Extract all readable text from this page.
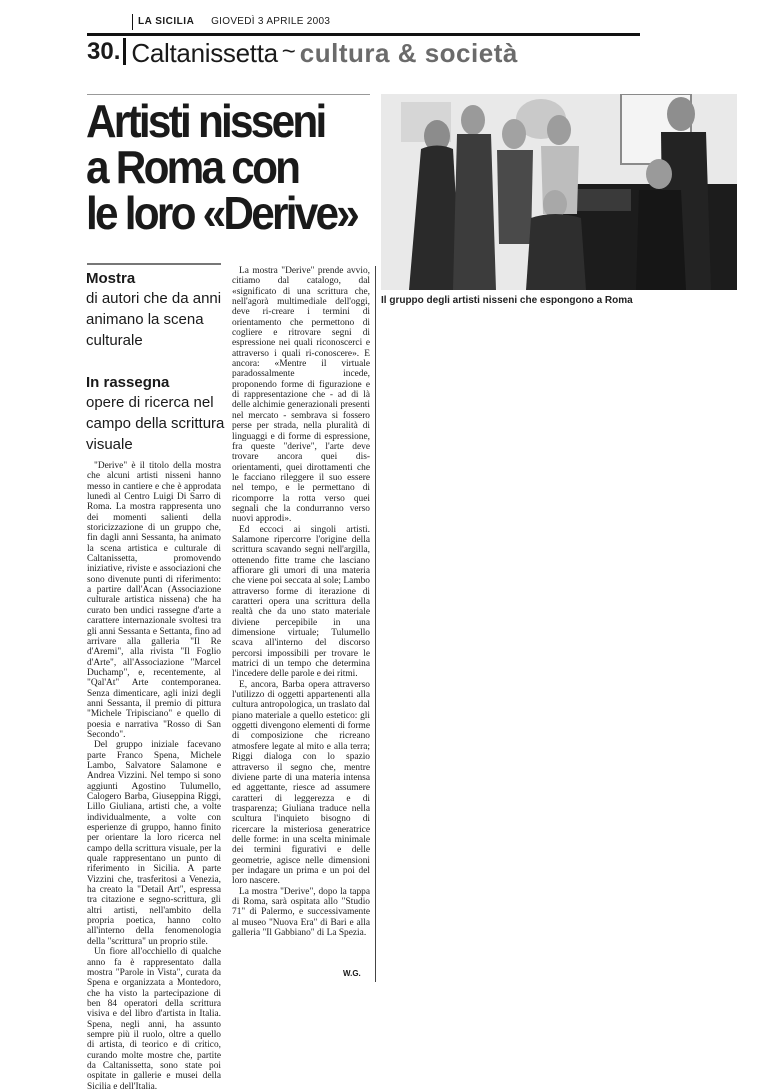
LA SICILIA GIOVEDÌ 3 APRILE 2003
30. Caltanissetta ~ cultura & società
Artisti nisseni
a Roma con
le loro «Derive»
Mostra
di autori che da anni animano la scena culturale
In rassegna
opere di ricerca nel campo della scrittura visuale

"Derive" è il titolo della mostra che alcuni artisti nisseni hanno messo in cantiere e che è approdata lunedì al Centro Luigi Di Sarro di Roma. La mostra rappresenta uno dei momenti salienti della storicizzazione di un gruppo che, fin dagli anni Sessanta, ha animato la scena artistica e culturale di Caltanissetta, promovendo iniziative, riviste e associazioni che sono divenute punti di riferimento: a partire dall'Acan (Associazione culturale artistica nissena) che ha curato ben undici rassegne d'arte a carattere internazionale svoltesi tra gli anni Sessanta e Settanta, fino ad arrivare alla galleria "Il Re d'Aremi", alla rivista "Il Foglio d'Arte", all'Associazione "Marcel Duchamp", e, recentemente, al "Qal'At" Arte contemporanea. Senza dimenticare, agli inizi degli anni Sessanta, il premio di pittura "Michele Tripisciano" e quello di poesia e narrativa "Rosso di San Secondo".

Del gruppo iniziale facevano parte Franco Spena, Michele Lambo, Salvatore Salamone e Andrea Vizzini. Nel tempo si sono aggiunti Agostino Tulumello, Calogero Barba, Giuseppina Riggi, Lillo Giuliana, artisti che, a volte individualmente, a volte con esperienze di gruppo, hanno finito per orientare la loro ricerca nel campo della scrittura visuale, per la quale rappresentano un punto di riferimento in Sicilia. A parte Vizzini che, trasferitosi a Venezia, ha creato la "Detail Art", espressa tra citazione e segno-scrittura, gli altri artisti, nell'ambito della propria poetica, hanno colto all'interno della fenomenologia della "scrittura" un proprio stile.

Un fiore all'occhiello di qualche anno fa è rappresentato dalla mostra "Parole in Vista", curata da Spena e organizzata a Montedoro, che ha visto la partecipazione di ben 84 operatori della scrittura visiva e del libro d'artista in Italia. Spena, negli anni, ha assunto sempre più il ruolo, oltre a quello di artista, di teorico e di critico, curando molte mostre che, partite da Caltanissetta, sono state poi ospitate in gallerie e musei della Sicilia e dell'Italia.

La mostra "Derive" prende avvio, citiamo dal catalogo, dal «significato di una scrittura che, nell'agorà multimediale dell'oggi, deve ri-creare i termini di orientamento che permettono di cogliere e ritrovare segni di espressione nei quali riconoscerci e attraverso i quali ri-conoscere». E ancora: «Mentre il virtuale paradossalmente incede, proponendo forme di figurazione e di rappresentazione che - ad di là delle alchimie generazionali presenti nel mercato - sembrava si fossero perse per strada, nella pluralità di linguaggi e di forme di espressione, fra queste "derive", l'arte deve trovare ancora quei dis-orientamenti, quei dirottamenti che le facciano rileggere il suo essere nel tempo, e le permettano di ricomporre la rotta verso quei segnali che la condurranno verso nuovi approdi».

Ed eccoci ai singoli artisti. Salamone ripercorre l'origine della scrittura scavando segni nell'argilla, ottenendo fitte trame che lasciano affiorare gli umori di una materia che viene poi seccata al sole; Lambo attraverso forme di iterazione di caratteri opera una scrittura della realtà che da uno stato materiale diviene percepibile in una dimensione virtuale; Tulumello scava all'interno del discorso percorsi impossibili per trovare le matrici di un tempo che determina l'incedere delle parole e dei ritmi.

E, ancora, Barba opera attraverso l'utilizzo di oggetti appartenenti alla cultura antropologica, un traslato dal piano materiale a quello estetico: gli oggetti divengono elementi di forme di composizione che ricreano atmosfere legate al mito e alla terra; Riggi dialoga con lo spazio attraverso il segno che, mentre diviene parte di una materia intensa ed aggettante, riesce ad assumere caratteri di leggerezza e di trasparenza; Giuliana traduce nella scultura l'inquieto bisogno di ricercare la misteriosa generatrice delle forme: in una scelta minimale dei termini figurativi e delle geometrie, agisce nelle dimensioni per indagare un prima e un poi del loro nascere.

La mostra "Derive", dopo la tappa di Roma, sarà ospitata allo "Studio 71" di Palermo, e successivamente al museo "Nuova Era" di Bari e alla galleria "Il Gabbiano" di La Spezia.

W.G.
Il gruppo degli artisti nisseni che espongono a Roma
